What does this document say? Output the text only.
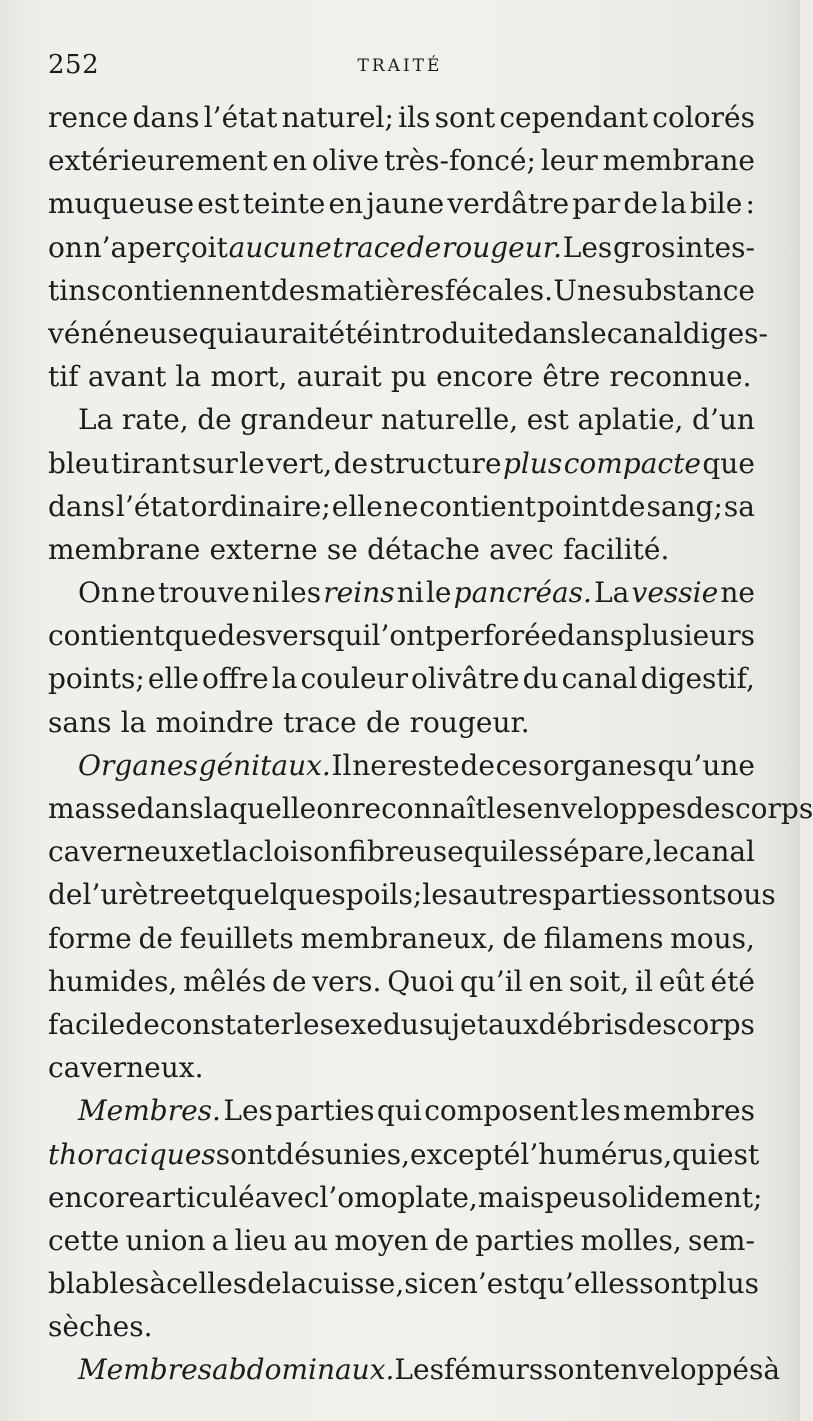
252	TRAITÉ
rence dans l’état naturel; ils sont cependant colorés
extérieurement en olive très-foncé; leur membrane
muqueuse est teinte en jaune verdâtre par de la bile :
on n’aperçoit aucune trace de rougeur. Les gros intes-
tins contiennent des matières fécales. Une substance
vénéneuse qui aurait été introduite dans le canal diges-
tif avant la mort, aurait pu encore être reconnue.
La rate, de grandeur naturelle, est aplatie, d’un
bleu tirant sur le vert, de structure plus compacte que
dans l’état ordinaire; elle ne contient point de sang; sa
membrane externe se détache avec facilité.
On ne trouve ni les reins ni le pancréas. La vessie ne
contient que des vers qui l’ont perforée dans plusieurs
points; elle offre la couleur olivâtre du canal digestif,
sans la moindre trace de rougeur.
Organes génitaux. Il ne reste de ces organes qu’une
masse dans laquelle on reconnaît les enveloppes des corps
caverneux et la cloison fibreuse qui les sépare, le canal
de l’urètre et quelques poils; les autres parties sont sous
forme de feuillets membraneux, de filamens mous,
humides, mêlés de vers. Quoi qu’il en soit, il eût été
facile de constater le sexe du sujet aux débris des corps
caverneux.
Membres. Les parties qui composent les membres
thoraciques sont désunies, excepté l’humérus, qui est
encore articulé avec l’omoplate, mais peu solidement;
cette union a lieu au moyen de parties molles, sem-
blables à celles de la cuisse, si ce n’est qu’elles sont plus
sèches.
Membres abdominaux. Les fémurs sont enveloppés à
